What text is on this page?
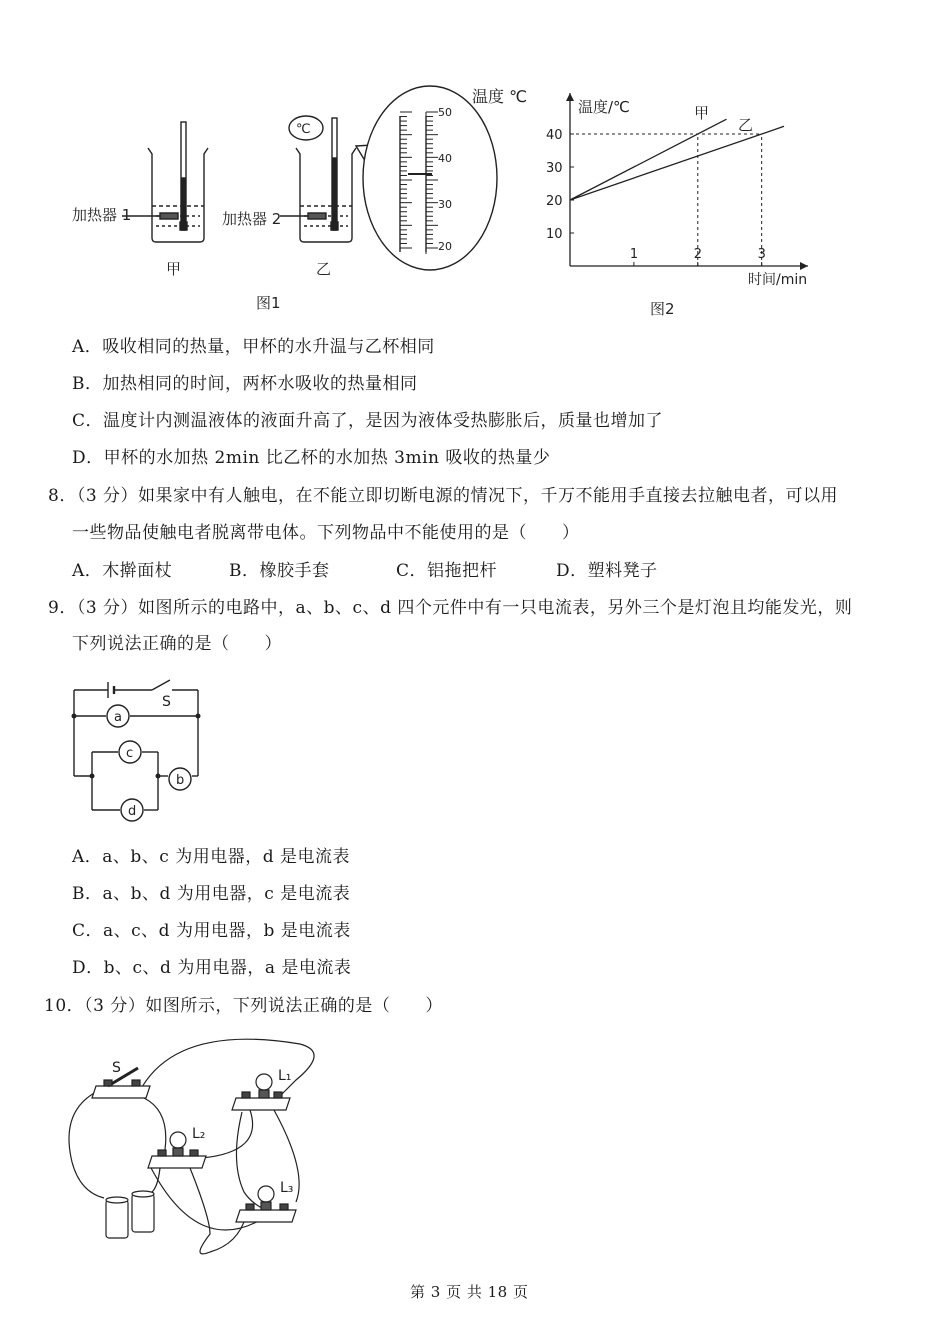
加热器 1
甲
℃
加热器 2
乙
温度 ℃
50
40
30
20
图1
1	2	3
10
20
30
40
温度/℃
时间/min
甲
乙
图2
A．吸收相同的热量，甲杯的水升温与乙杯相同
B．加热相同的时间，两杯水吸收的热量相同
C．温度计内测温液体的液面升高了，是因为液体受热膨胀后，质量也增加了
D．甲杯的水加热 2min 比乙杯的水加热 3min 吸收的热量少
8．（3 分）如果家中有人触电，在不能立即切断电源的情况下，千万不能用手直接去拉触电者，可以用
一些物品使触电者脱离带电体。下列物品中不能使用的是（　　）
A．木擀面杖	B．橡胶手套	C．铝拖把杆	D．塑料凳子
9．（3 分）如图所示的电路中，a、b、c、d 四个元件中有一只电流表，另外三个是灯泡且均能发光，则
下列说法正确的是（　　）
S
a
c
b
d
A．a、b、c 为用电器，d 是电流表
B．a、b、d 为用电器，c 是电流表
C．a、c、d 为用电器，b 是电流表
D．b、c、d 为用电器，a 是电流表
10．（3 分）如图所示，下列说法正确的是（　　）
S	L₁
L₂
L₃
第 3 页 共 18 页
